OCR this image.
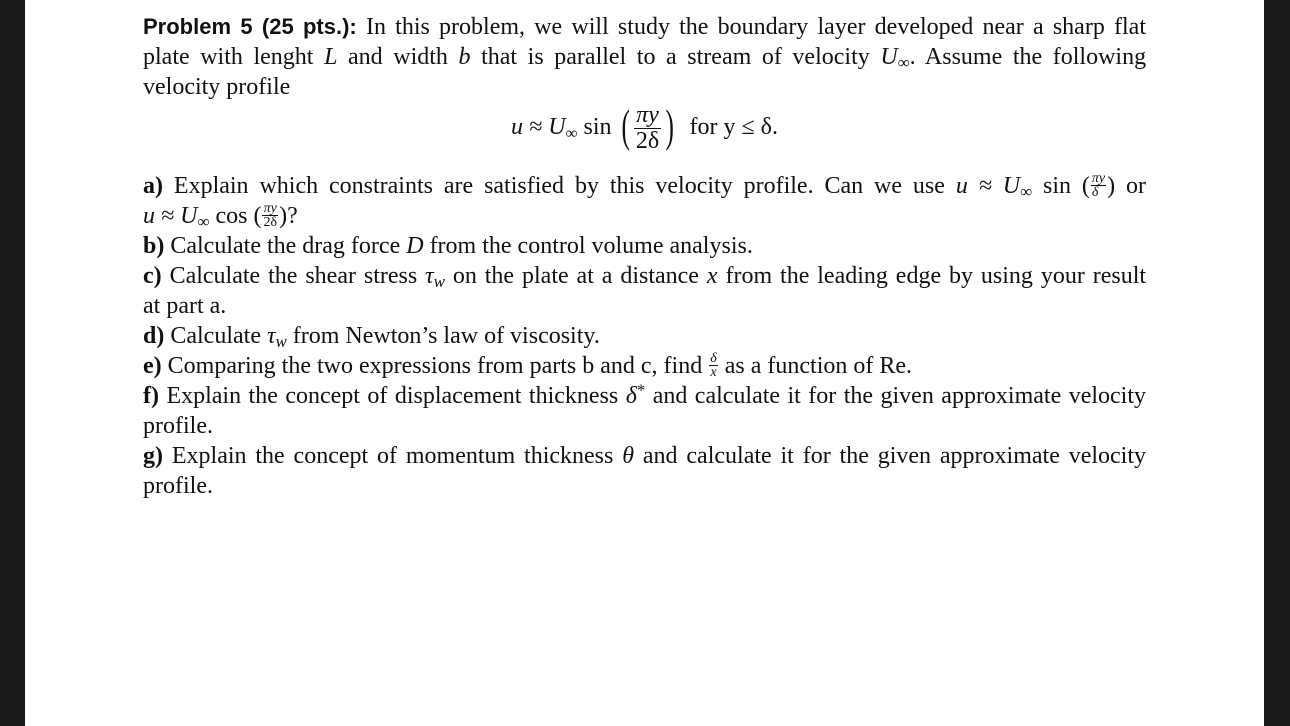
Problem 5 (25 pts.): In this problem, we will study the boundary layer developed near a sharp flat
plate with lenght L and width b that is parallel to a stream of velocity $U_\infty$. Assume the following
velocity profile
$u \approx U_\infty$ sin ( $\frac{\pi y}{2\delta}$ ) for y ≤ δ.
a) Explain which constraints are satisfied by this velocity profile. Can we use $u \approx U_\infty$ sin ( $\frac{\pi y}{\delta}$ ) or
$u \approx U_\infty$ cos ( $\frac{\pi y}{2\delta}$ )?
b) Calculate the drag force D from the control volume analysis.
c) Calculate the shear stress $\tau_w$ on the plate at a distance x from the leading edge by using your result
at part a.
d) Calculate $\tau_w$ from Newton’s law of viscosity.
e) Comparing the two expressions from parts b and c, find $\frac{\delta}{x}$ as a function of Re.
f) Explain the concept of displacement thickness δ* and calculate it for the given approximate velocity
profile.
g) Explain the concept of momentum thickness θ and calculate it for the given approximate velocity
profile.
